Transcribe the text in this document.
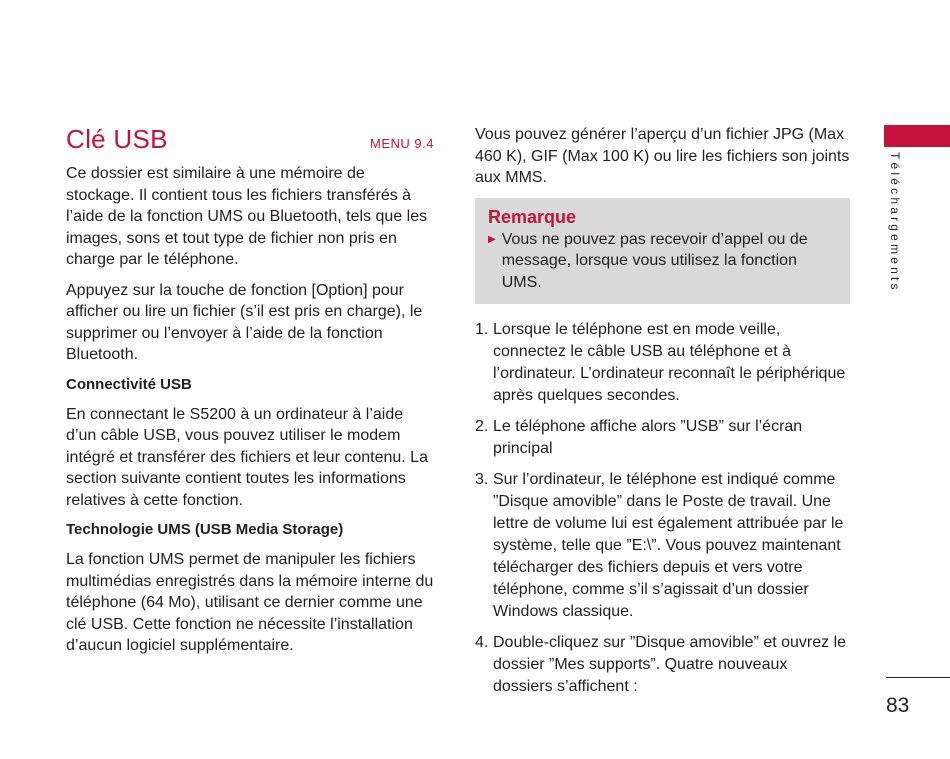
Clé USB	MENU 9.4

Ce dossier est similaire à une mémoire de stockage. Il contient tous les fichiers transférés à l’aide de la fonction UMS ou Bluetooth, tels que les images, sons et tout type de fichier non pris en charge par le téléphone.

Appuyez sur la touche de fonction [Option] pour afficher ou lire un fichier (s’il est pris en charge), le supprimer ou l’envoyer à l’aide de la fonction Bluetooth.

Connectivité USB

En connectant le S5200 à un ordinateur à l’aide d’un câble USB, vous pouvez utiliser le modem intégré et transférer des fichiers et leur contenu. La section suivante contient toutes les informations relatives à cette fonction.

Technologie UMS (USB Media Storage)

La fonction UMS permet de manipuler les fichiers multimédias enregistrés dans la mémoire interne du téléphone (64 Mo), utilisant ce dernier comme une clé USB. Cette fonction ne nécessite l’installation d’aucun logiciel supplémentaire.

Vous pouvez générer l’aperçu d’un fichier JPG (Max 460 K), GIF (Max 100 K) ou lire les fichiers son joints aux MMS.

Remarque
▶ Vous ne pouvez pas recevoir d’appel ou de message, lorsque vous utilisez la fonction UMS.
1. Lorsque le téléphone est en mode veille, connectez le câble USB au téléphone et à l’ordinateur. L’ordinateur reconnaît le périphérique après quelques secondes.
2. Le téléphone affiche alors ”USB” sur l’écran principal
3. Sur l’ordinateur, le téléphone est indiqué comme ”Disque amovible” dans le Poste de travail. Une lettre de volume lui est également attribuée par le système, telle que ”E:\”. Vous pouvez maintenant télécharger des fichiers depuis et vers votre téléphone, comme s’il s’agissait d’un dossier Windows classique.
4. Double-cliquez sur ”Disque amovible” et ouvrez le dossier ”Mes supports”. Quatre nouveaux dossiers s’affichent :
Téléchargements
83
